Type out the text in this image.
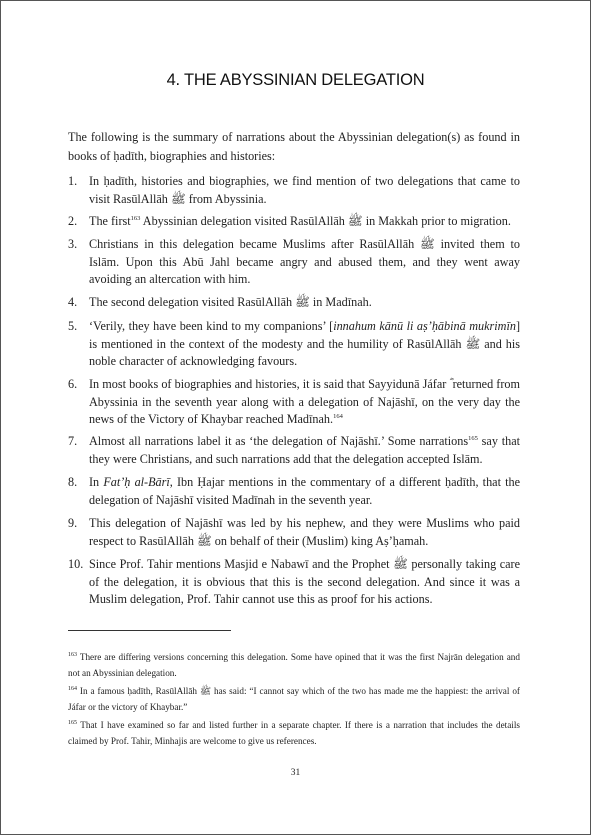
4. THE ABYSSINIAN DELEGATION

The following is the summary of narrations about the Abyssinian delegation(s) as found in books of ḥadīth, biographies and histories:

1. In ḥadīth, histories and biographies, we find mention of two delegations that came to visit RasūlAllāh ﷺ from Abyssinia.
2. The first$^{163}$ Abyssinian delegation visited RasūlAllāh ﷺ in Makkah prior to migration.
3. Christians in this delegation became Muslims after RasūlAllāh ﷺ invited them to Islām. Upon this Abū Jahl became angry and abused them, and they went away avoiding an altercation with him.
4. The second delegation visited RasūlAllāh ﷺ in Madīnah.
5. ‘Verily, they have been kind to my companions’ [innahum kānū li aṣ’ḥābinā mukrimīn] is mentioned in the context of the modesty and the humility of RasūlAllāh ﷺ and his noble character of acknowledging favours.
6. In most books of biographies and histories, it is said that Sayyidunā Jáfar ؓ returned from Abyssinia in the seventh year along with a delegation of Najāshī, on the very day the news of the Victory of Khaybar reached Madīnah.$^{164}$
7. Almost all narrations label it as ‘the delegation of Najāshī.’ Some narrations$^{165}$ say that they were Christians, and such narrations add that the delegation accepted Islām.
8. In Fat’ḥ al-Bārī, Ibn Ḥajar mentions in the commentary of a different ḥadīth, that the delegation of Najāshī visited Madīnah in the seventh year.
9. This delegation of Najāshī was led by his nephew, and they were Muslims who paid respect to RasūlAllāh ﷺ on behalf of their (Muslim) king Aṣ’ḥamah.
10. Since Prof. Tahir mentions Masjid e Nabawī and the Prophet ﷺ personally taking care of the delegation, it is obvious that this is the second delegation. And since it was a Muslim delegation, Prof. Tahir cannot use this as proof for his actions.
$^{163}$ There are differing versions concerning this delegation. Some have opined that it was the first Najrān delegation and not an Abyssinian delegation.
$^{164}$ In a famous ḥadīth, RasūlAllāh ﷺ has said: “I cannot say which of the two has made me the happiest: the arrival of Jáfar or the victory of Khaybar.”
$^{165}$ That I have examined so far and listed further in a separate chapter. If there is a narration that includes the details claimed by Prof. Tahir, Minhajis are welcome to give us references.
31
